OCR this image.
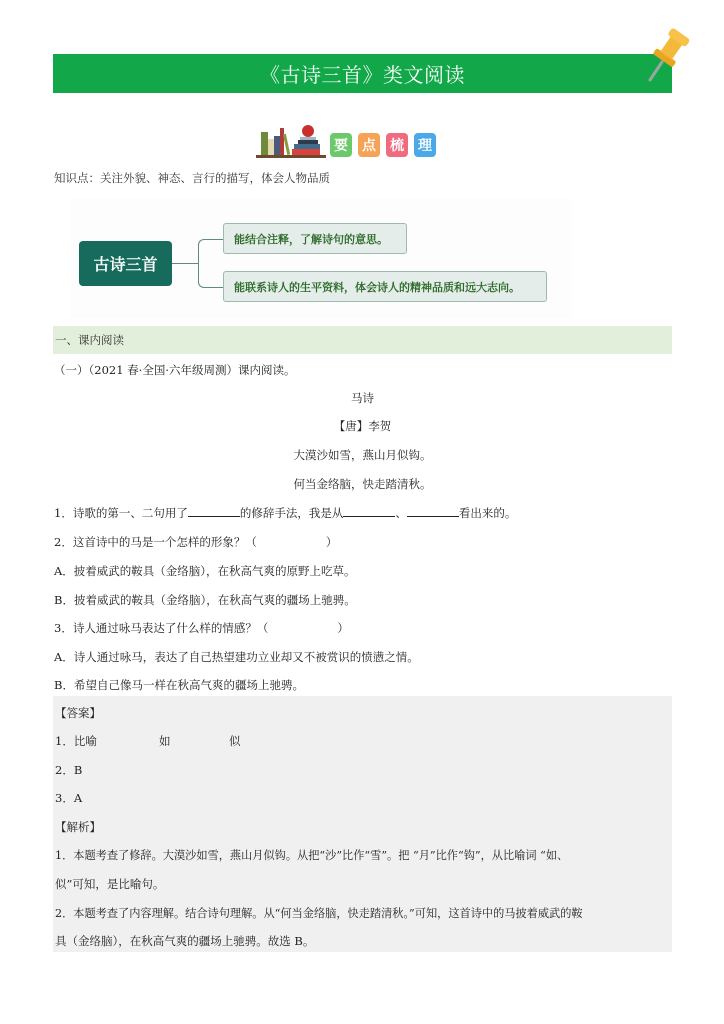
《古诗三首》类文阅读
要 点 梳 理
知识点：关注外貌、神态、言行的描写，体会人物品质
古诗三首
能结合注释，了解诗句的意思。
能联系诗人的生平资料，体会诗人的精神品质和远大志向。
一、课内阅读
（一）（2021 春·全国·六年级周测）课内阅读。
马诗
【唐】李贺
大漠沙如雪，燕山月似钩。
何当金络脑，快走踏清秋。
1．诗歌的第一、二句用了	的修辞手法，我是从	、	看出来的。
2．这首诗中的马是一个怎样的形象？（　　　　　　）
A．披着威武的鞍具（金络脑），在秋高气爽的原野上吃草。
B．披着威武的鞍具（金络脑），在秋高气爽的疆场上驰骋。
3．诗人通过咏马表达了什么样的情感？（　　　　　　）
A．诗人通过咏马，表达了自己热望建功立业却又不被赏识的愤懑之情。
B．希望自己像马一样在秋高气爽的疆场上驰骋。
【答案】
1．比喻	如	似
2．B
3．A
【解析】
1．本题考查了修辞。大漠沙如雪，燕山月似钩。从把“沙”比作“雪”。把 “月”比作“钩”，从比喻词 “如、
似”可知，是比喻句。
2．本题考查了内容理解。结合诗句理解。从“何当金络脑，快走踏清秋。”可知，这首诗中的马披着威武的鞍
具（金络脑），在秋高气爽的疆场上驰骋。故选 B。
